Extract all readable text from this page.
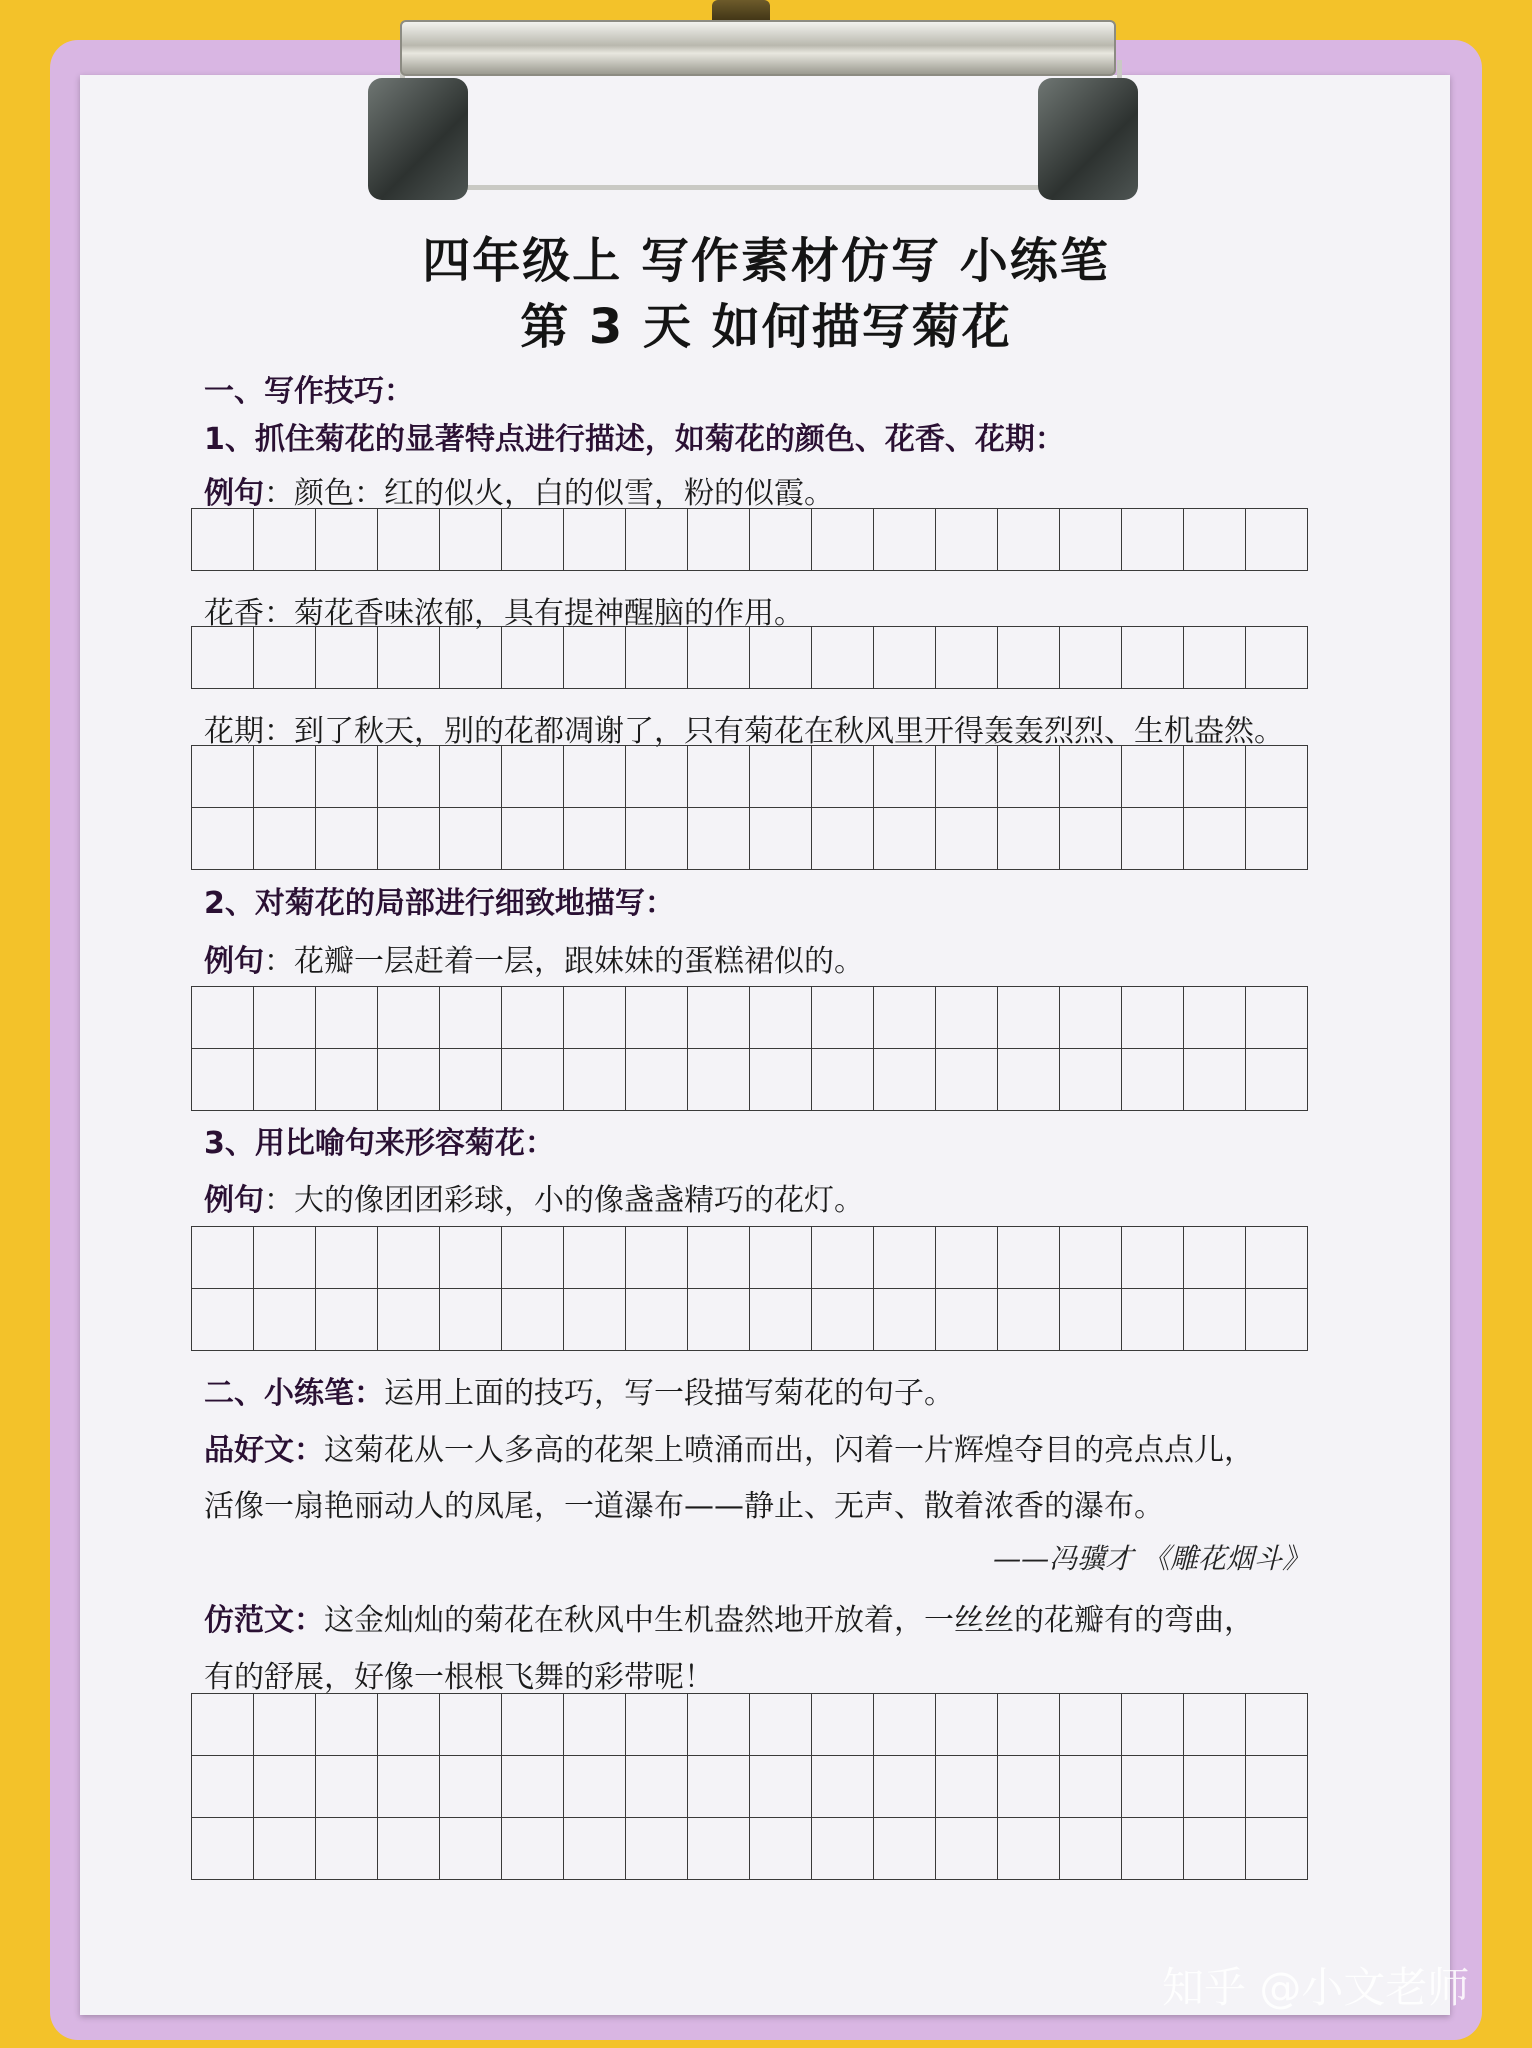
四年级上 写作素材仿写 小练笔
第 3 天 如何描写菊花
一、写作技巧：
1、抓住菊花的显著特点进行描述，如菊花的颜色、花香、花期：
例句：颜色：红的似火，白的似雪，粉的似霞。
花香：菊花香味浓郁，具有提神醒脑的作用。
花期：到了秋天，别的花都凋谢了，只有菊花在秋风里开得轰轰烈烈、生机盎然。
2、对菊花的局部进行细致地描写：
例句：花瓣一层赶着一层，跟妹妹的蛋糕裙似的。
3、用比喻句来形容菊花：
例句：大的像团团彩球，小的像盏盏精巧的花灯。
二、小练笔：运用上面的技巧，写一段描写菊花的句子。
品好文：这菊花从一人多高的花架上喷涌而出，闪着一片辉煌夺目的亮点点儿，
活像一扇艳丽动人的凤尾，一道瀑布——静止、无声、散着浓香的瀑布。
——冯骥才 《雕花烟斗》
仿范文：这金灿灿的菊花在秋风中生机盎然地开放着，一丝丝的花瓣有的弯曲，
有的舒展，好像一根根飞舞的彩带呢！
知乎 @小文老师
